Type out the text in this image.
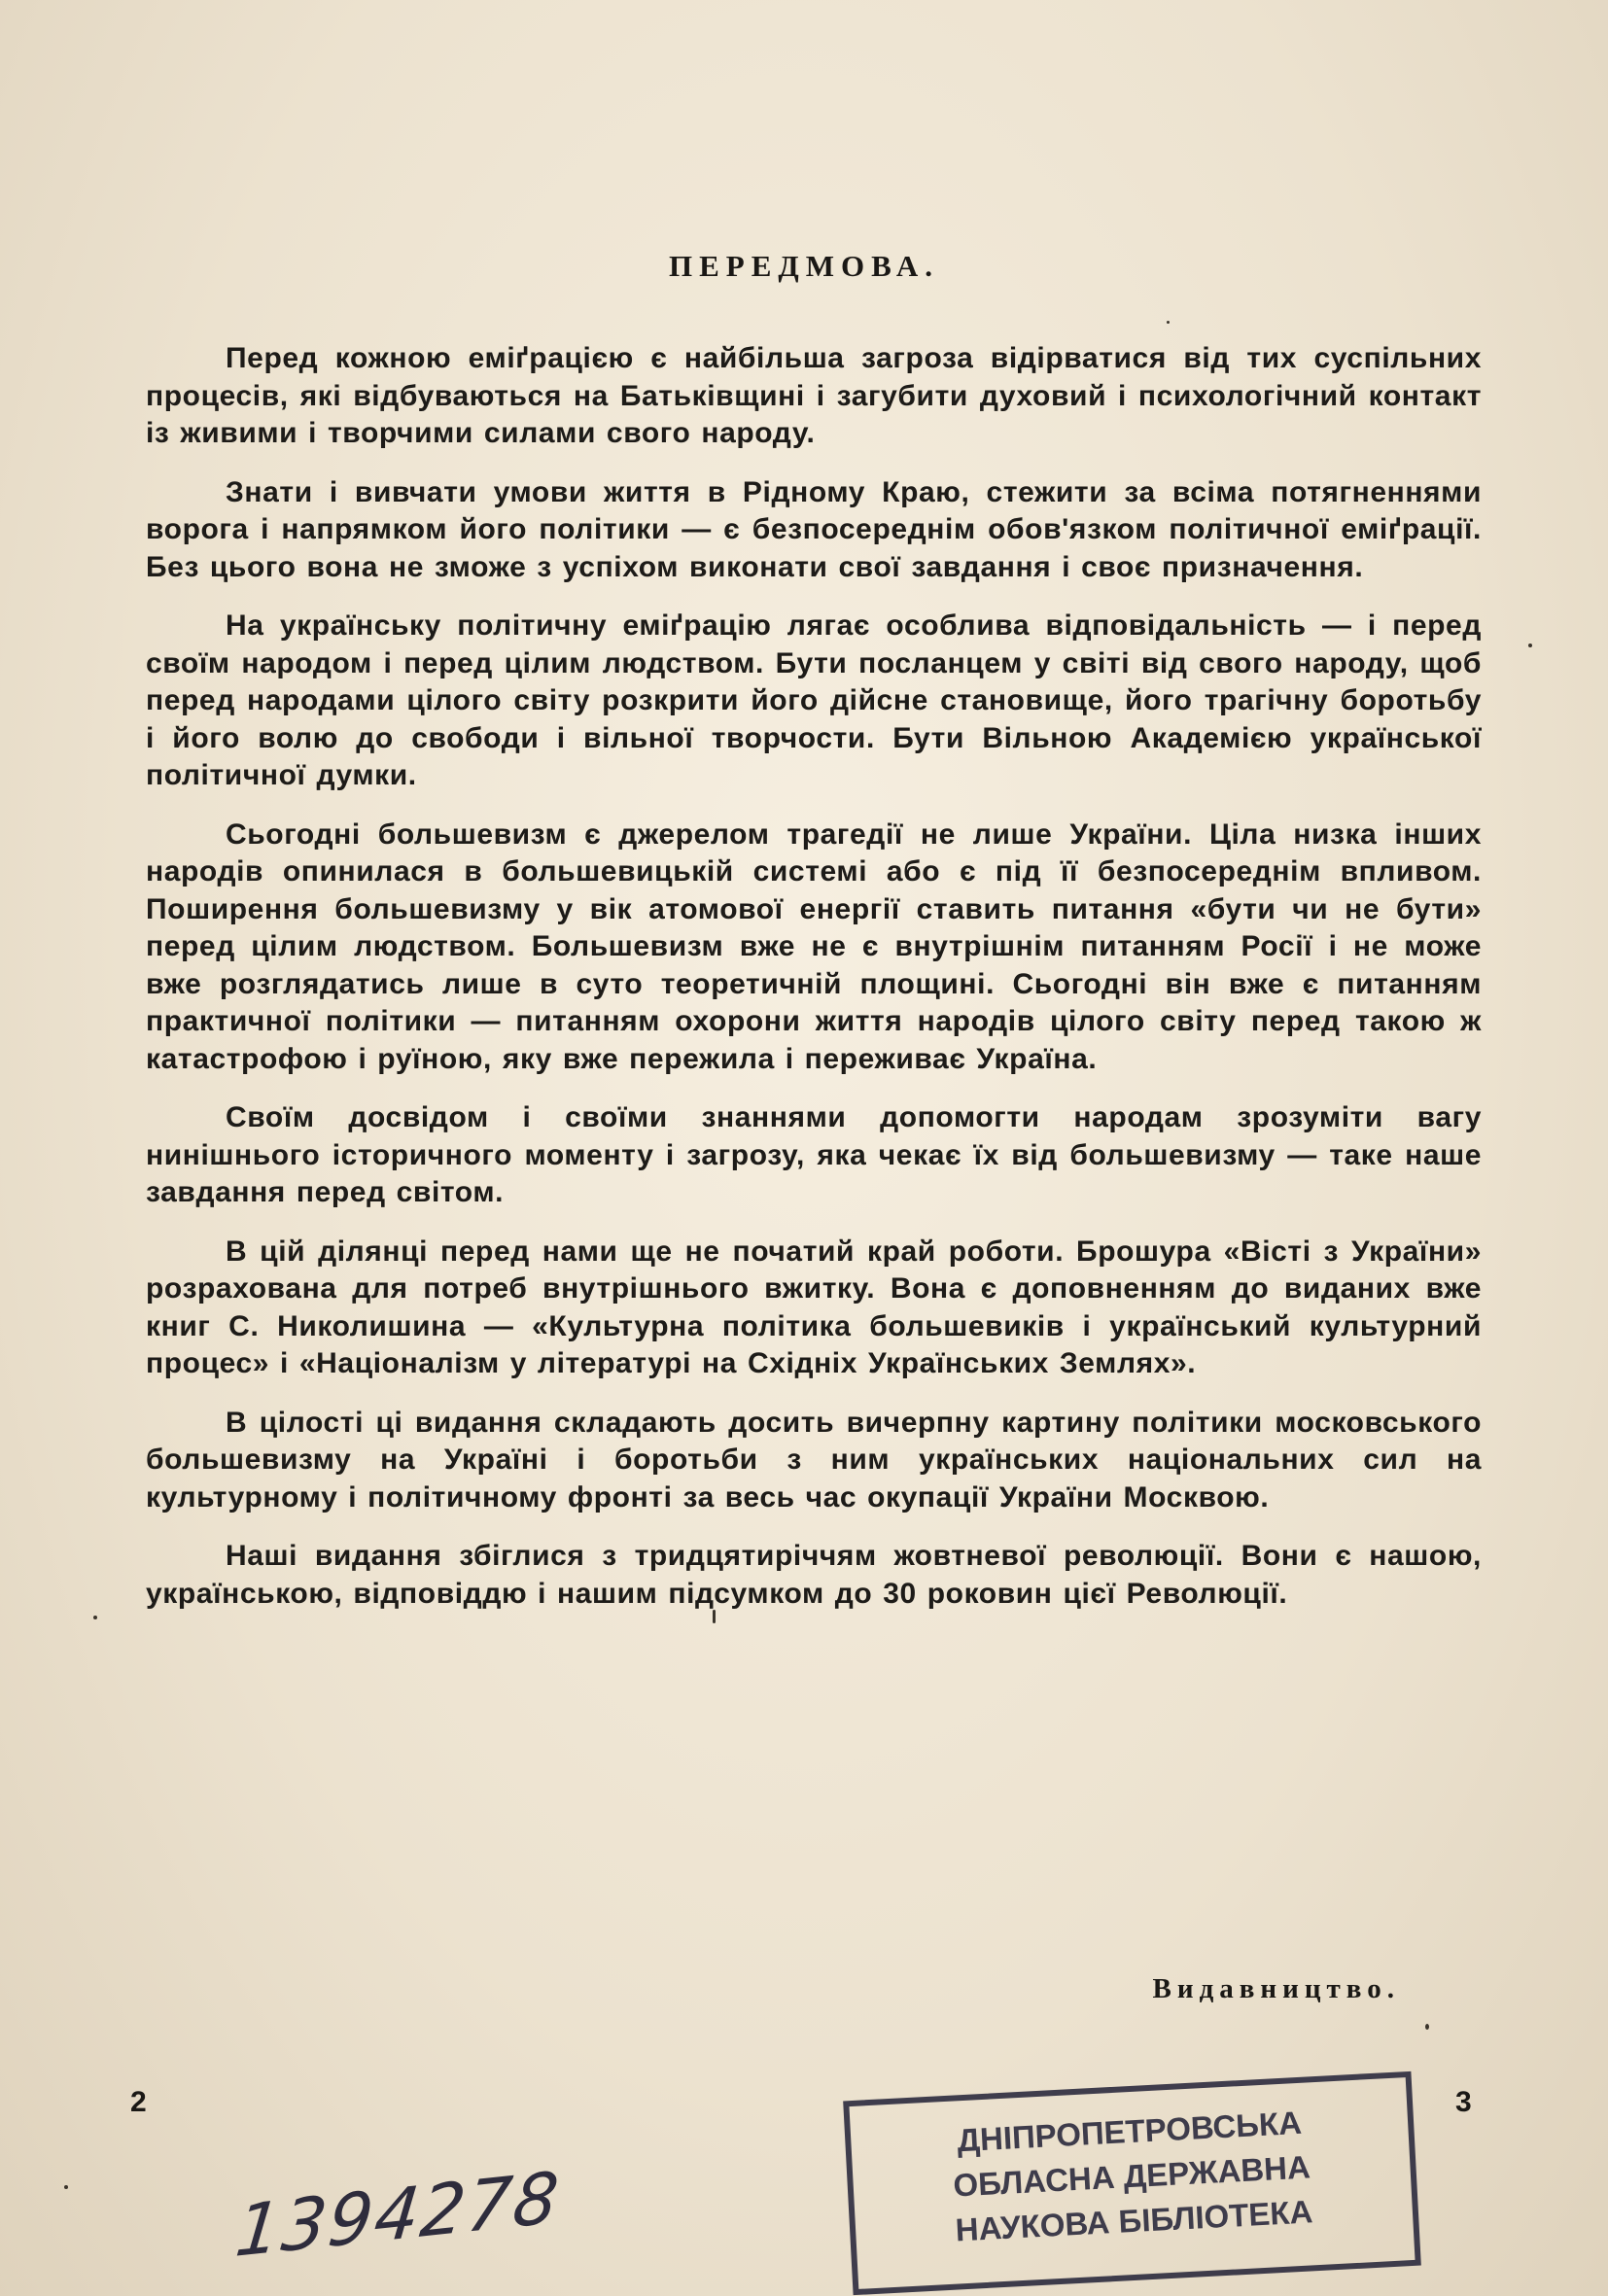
ПЕРЕДМОВА.

Перед кожною еміґрацією є найбільша загроза відірватися від тих суспільних процесів, які відбуваються на Батьківщині і загубити духовий і психологічний контакт із живими і творчими силами свого народу.

Знати і вивчати умови життя в Рідному Краю, стежити за всіма потягненнями ворога і напрямком його політики — є безпосереднім обов'язком політичної еміґрації. Без цього вона не зможе з успіхом виконати свої завдання і своє призначення.

На українську політичну еміґрацію лягає особлива відповідальність — і перед своїм народом і перед цілим людством. Бути посланцем у світі від свого народу, щоб перед народами цілого світу розкрити його дійсне становище, його трагічну боротьбу і його волю до свободи і вільної творчости. Бути Вільною Академією української політичної думки.

Сьогодні большевизм є джерелом трагедії не лише України. Ціла низка інших народів опинилася в большевицькій системі або є під її безпосереднім впливом. Поширення большевизму у вік атомової енергії ставить питання «бути чи не бути» перед цілим людством. Большевизм вже не є внутрішнім питанням Росії і не може вже розглядатись лише в суто теоретичній площині. Сьогодні він вже є питанням практичної політики — питанням охорони життя народів цілого світу перед такою ж катастрофою і руїною, яку вже пережила і переживає Україна.

Своїм досвідом і своїми знаннями допомогти народам зрозуміти вагу нинішнього історичного моменту і загрозу, яка чекає їх від большевизму — таке наше завдання перед світом.

В цій ділянці перед нами ще не початий край роботи. Брошура «Вісті з України» розрахована для потреб внутрішнього вжитку. Вона є доповненням до виданих вже книг С. Николишина — «Культурна політика большевиків і український культурний процес» і «Націоналізм у літературі на Східніх Українських Землях».

В цілості ці видання складають досить вичерпну картину політики московського большевизму на Україні і боротьби з ним українських національних сил на культурному і політичному фронті за весь час окупації України Москвою.

Наші видання збіглися з тридцятиріччям жовтневої революції. Вони є нашою, українською, відповіддю і нашим підсумком до 30 роковин цієї Революції.

Видавництво.
2	3
ДНІПРОПЕТРОВСЬКА
ОБЛАСНА ДЕРЖАВНА
НАУКОВА БІБЛІОТЕКА
1394278
